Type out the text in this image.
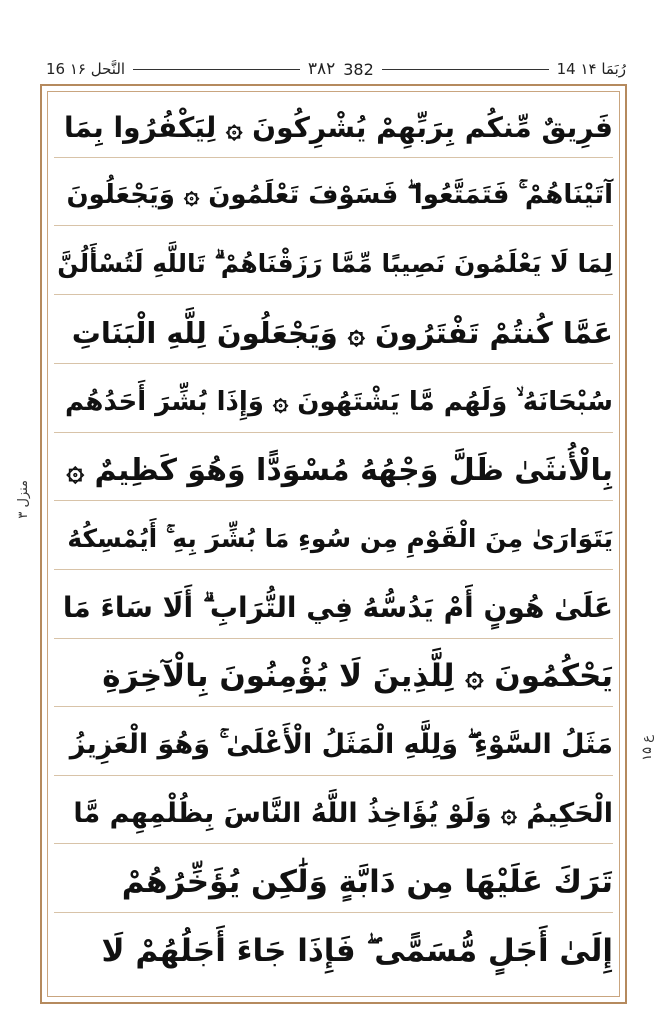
16 النَّحل ۱۶	۳۸۲ 382	14 رُبَمَا ۱۴
منزل ۳
ع ۱۵
فَرِيقٌ مِّنكُم بِرَبِّهِمْ يُشْرِكُونَ ۞ لِيَكْفُرُوا بِمَا
آتَيْنَاهُمْ ۚ فَتَمَتَّعُوا ۖ فَسَوْفَ تَعْلَمُونَ ۞ وَيَجْعَلُونَ
لِمَا لَا يَعْلَمُونَ نَصِيبًا مِّمَّا رَزَقْنَاهُمْ ۗ تَاللَّهِ لَتُسْأَلُنَّ
عَمَّا كُنتُمْ تَفْتَرُونَ ۞ وَيَجْعَلُونَ لِلَّهِ الْبَنَاتِ
سُبْحَانَهُ ۙ وَلَهُم مَّا يَشْتَهُونَ ۞ وَإِذَا بُشِّرَ أَحَدُهُم
بِالْأُنثَىٰ ظَلَّ وَجْهُهُ مُسْوَدًّا وَهُوَ كَظِيمٌ ۞
يَتَوَارَىٰ مِنَ الْقَوْمِ مِن سُوءِ مَا بُشِّرَ بِهِ ۚ أَيُمْسِكُهُ
عَلَىٰ هُونٍ أَمْ يَدُسُّهُ فِي التُّرَابِ ۗ أَلَا سَاءَ مَا
يَحْكُمُونَ ۞ لِلَّذِينَ لَا يُؤْمِنُونَ بِالْآخِرَةِ
مَثَلُ السَّوْءِ ۖ وَلِلَّهِ الْمَثَلُ الْأَعْلَىٰ ۚ وَهُوَ الْعَزِيزُ
الْحَكِيمُ ۞ وَلَوْ يُؤَاخِذُ اللَّهُ النَّاسَ بِظُلْمِهِم مَّا
تَرَكَ عَلَيْهَا مِن دَابَّةٍ وَلَٰكِن يُؤَخِّرُهُمْ
إِلَىٰ أَجَلٍ مُّسَمًّى ۖ فَإِذَا جَاءَ أَجَلُهُمْ لَا
